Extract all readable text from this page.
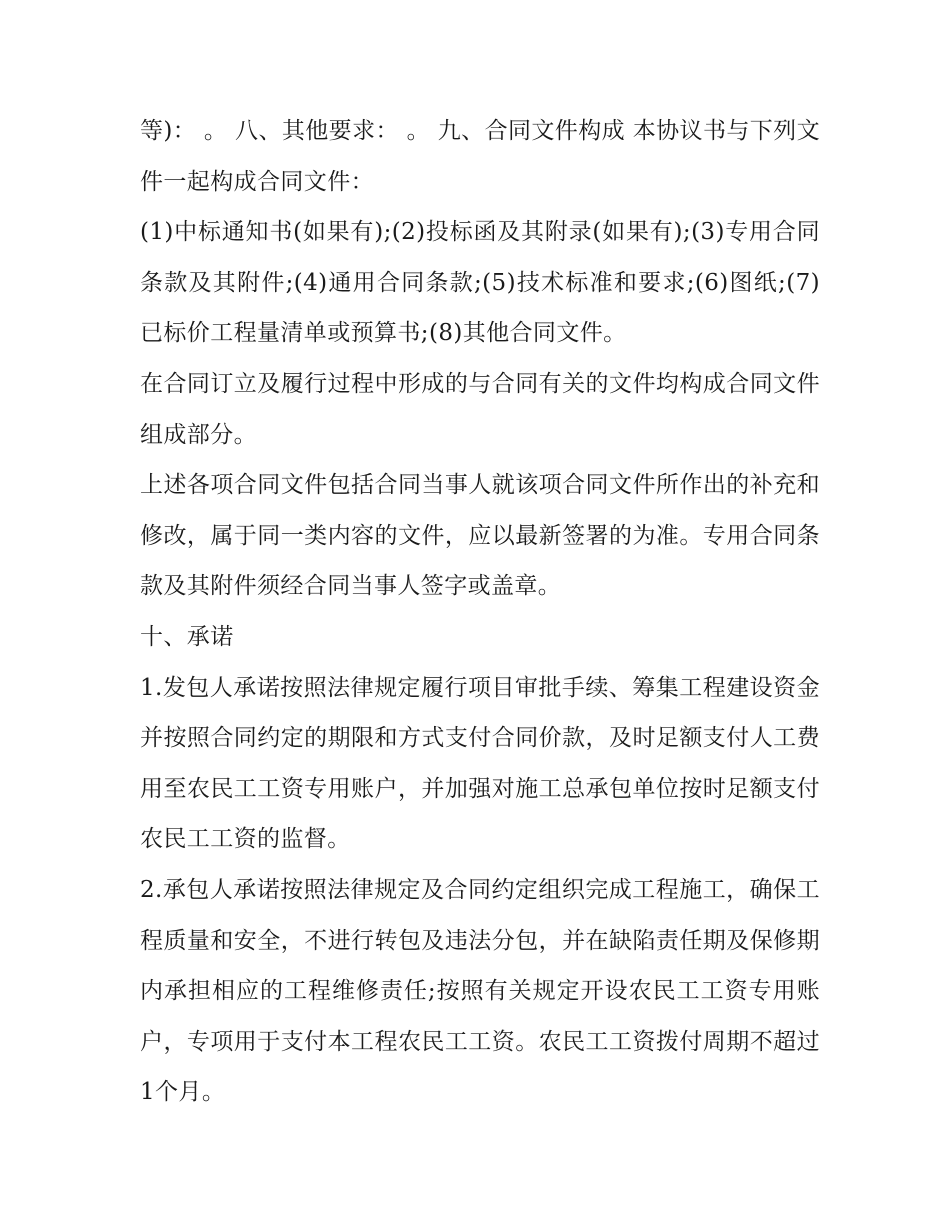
等)： 。 八、其他要求： 。 九、合同文件构成 本协议书与下列文件一起构成合同文件：

(1)中标通知书(如果有);(2)投标函及其附录(如果有);(3)专用合同条款及其附件;(4)通用合同条款;(5)技术标准和要求;(6)图纸;(7)已标价工程量清单或预算书;(8)其他合同文件。

在合同订立及履行过程中形成的与合同有关的文件均构成合同文件组成部分。

上述各项合同文件包括合同当事人就该项合同文件所作出的补充和修改，属于同一类内容的文件，应以最新签署的为准。专用合同条款及其附件须经合同当事人签字或盖章。

十、承诺

1.发包人承诺按照法律规定履行项目审批手续、筹集工程建设资金并按照合同约定的期限和方式支付合同价款，及时足额支付人工费用至农民工工资专用账户，并加强对施工总承包单位按时足额支付农民工工资的监督。

2.承包人承诺按照法律规定及合同约定组织完成工程施工，确保工程质量和安全，不进行转包及违法分包，并在缺陷责任期及保修期内承担相应的工程维修责任;按照有关规定开设农民工工资专用账户，专项用于支付本工程农民工工资。农民工工资拨付周期不超过1个月。
